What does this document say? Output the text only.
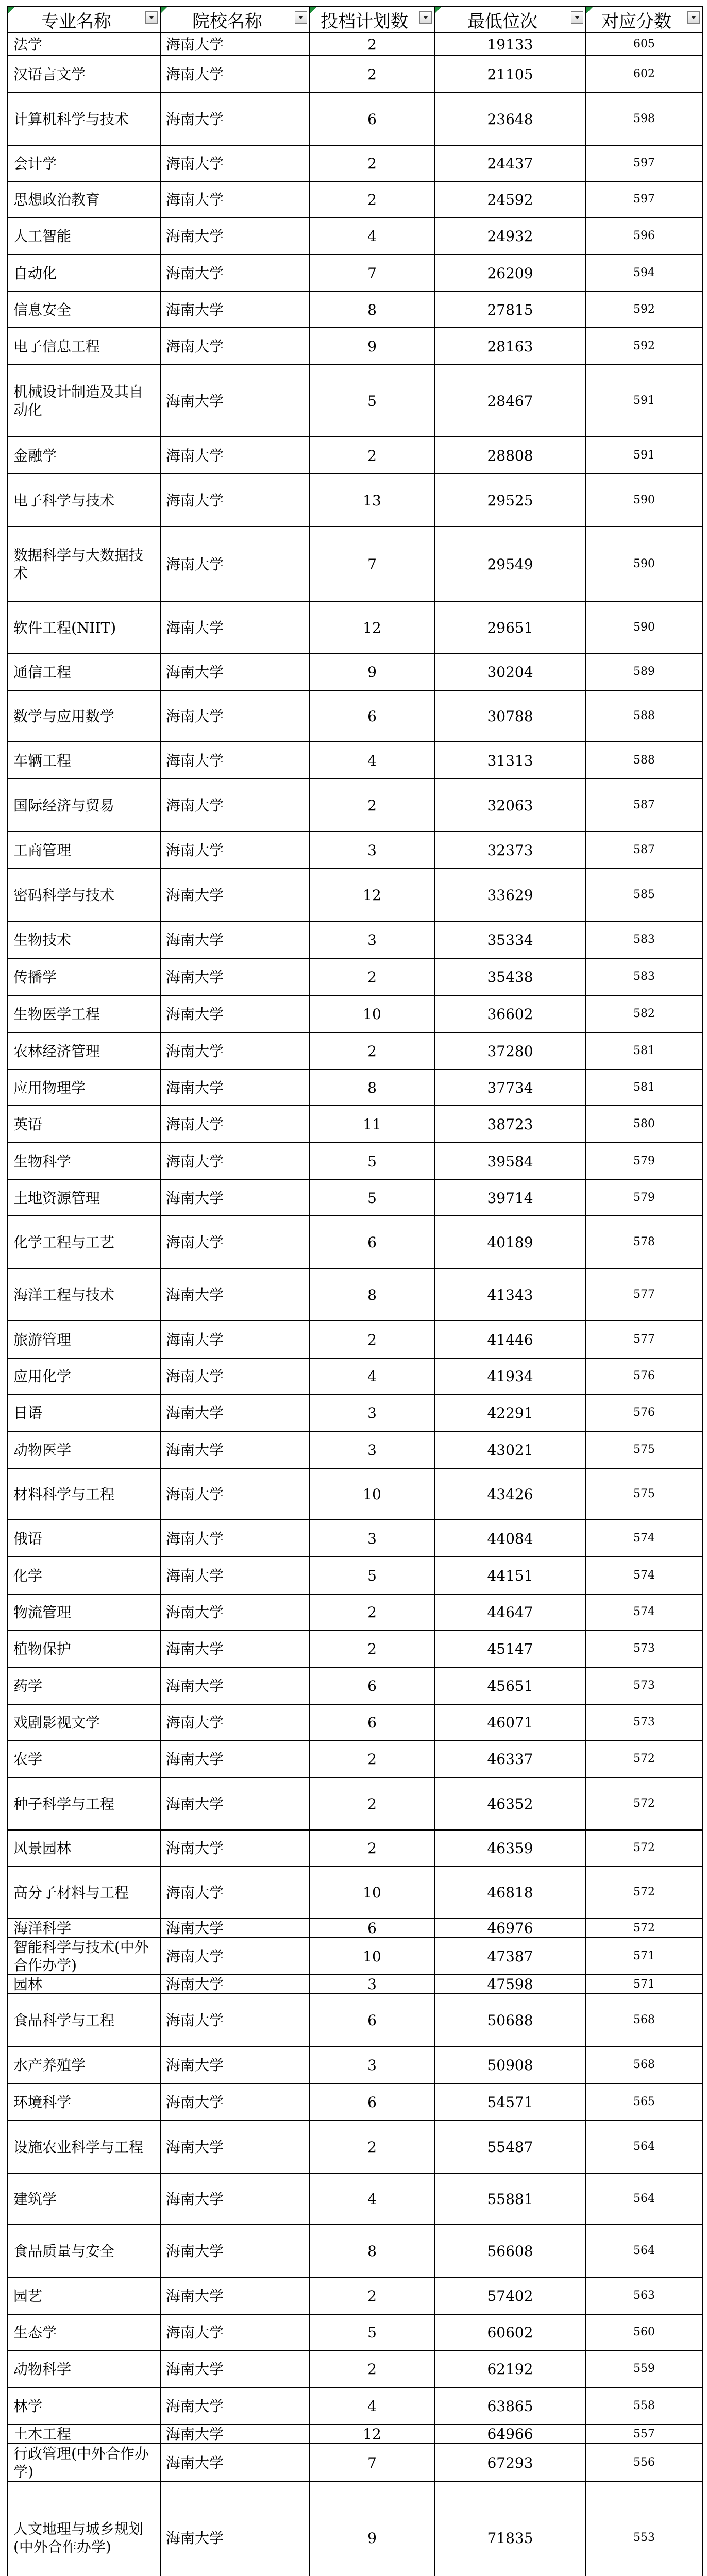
专业名称	院校名称	投档计划数	最低位次	对应分数

法学	海南大学	2	19133	605
汉语言文学	海南大学	2	21105	602
计算机科学与技术	海南大学	6	23648	598
会计学	海南大学	2	24437	597
思想政治教育	海南大学	2	24592	597
人工智能	海南大学	4	24932	596
自动化	海南大学	7	26209	594
信息安全	海南大学	8	27815	592
电子信息工程	海南大学	9	28163	592
机械设计制造及其自动化	海南大学	5	28467	591
金融学	海南大学	2	28808	591
电子科学与技术	海南大学	13	29525	590
数据科学与大数据技术	海南大学	7	29549	590
软件工程(NIIT)	海南大学	12	29651	590
通信工程	海南大学	9	30204	589
数学与应用数学	海南大学	6	30788	588
车辆工程	海南大学	4	31313	588
国际经济与贸易	海南大学	2	32063	587
工商管理	海南大学	3	32373	587
密码科学与技术	海南大学	12	33629	585
生物技术	海南大学	3	35334	583
传播学	海南大学	2	35438	583
生物医学工程	海南大学	10	36602	582
农林经济管理	海南大学	2	37280	581
应用物理学	海南大学	8	37734	581
英语	海南大学	11	38723	580
生物科学	海南大学	5	39584	579
土地资源管理	海南大学	5	39714	579
化学工程与工艺	海南大学	6	40189	578
海洋工程与技术	海南大学	8	41343	577
旅游管理	海南大学	2	41446	577
应用化学	海南大学	4	41934	576
日语	海南大学	3	42291	576
动物医学	海南大学	3	43021	575
材料科学与工程	海南大学	10	43426	575
俄语	海南大学	3	44084	574
化学	海南大学	5	44151	574
物流管理	海南大学	2	44647	574
植物保护	海南大学	2	45147	573
药学	海南大学	6	45651	573
戏剧影视文学	海南大学	6	46071	573
农学	海南大学	2	46337	572
种子科学与工程	海南大学	2	46352	572
风景园林	海南大学	2	46359	572
高分子材料与工程	海南大学	10	46818	572
海洋科学	海南大学	6	46976	572
智能科学与技术(中外合作办学)	海南大学	10	47387	571
园林	海南大学	3	47598	571
食品科学与工程	海南大学	6	50688	568
水产养殖学	海南大学	3	50908	568
环境科学	海南大学	6	54571	565
设施农业科学与工程	海南大学	2	55487	564
建筑学	海南大学	4	55881	564
食品质量与安全	海南大学	8	56608	564
园艺	海南大学	2	57402	563
生态学	海南大学	5	60602	560
动物科学	海南大学	2	62192	559
林学	海南大学	4	63865	558
土木工程	海南大学	12	64966	557
行政管理(中外合作办学)	海南大学	7	67293	556
人文地理与城乡规划(中外合作办学)	海南大学	9	71835	553
